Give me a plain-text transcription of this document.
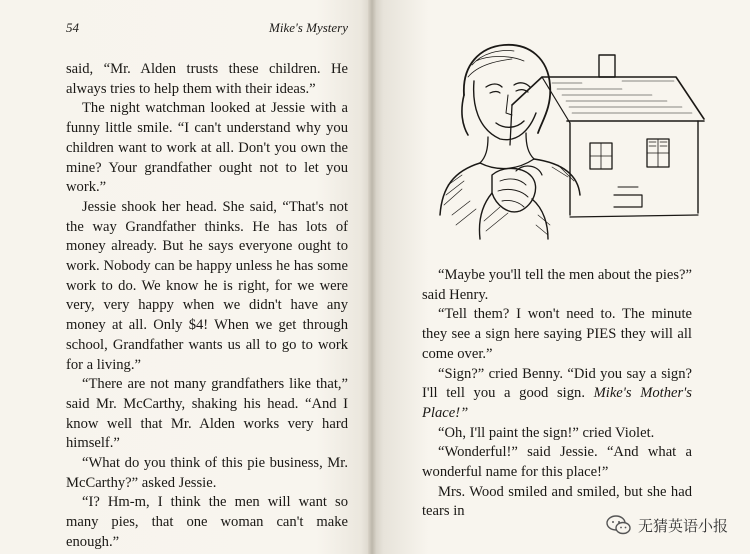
54	Mike's Mystery

said, “Mr. Alden trusts these children. He always tries to help them with their ideas.”

The night watchman looked at Jessie with a funny little smile. “I can't understand why you children want to work at all. Don't you own the mine? Your grandfather ought not to let you work.”

Jessie shook her head. She said, “That's not the way Grandfather thinks. He has lots of money already. But he says everyone ought to work. Nobody can be happy unless he has some work to do. We know he is right, for we were very, very happy when we didn't have any money at all. Only $4! When we get through school, Grandfather wants us all to go to work for a living.”

“There are not many grandfathers like that,” said Mr. McCarthy, shaking his head. “And I know well that Mr. Alden works very hard himself.”

“What do you think of this pie business, Mr. McCarthy?” asked Jessie.

“I? Hm-m, I think the men will want so many pies, that one woman can't make enough.”

“Maybe you'll tell the men about the pies?” said Henry.

“Tell them? I won't need to. The minute they see a sign here saying PIES they will all come over.”

“Sign?” cried Benny. “Did you say a sign? I'll tell you a good sign. Mike's Mother's Place!”

“Oh, I'll paint the sign!” cried Violet.

“Wonderful!” said Jessie. “And what a wonderful name for this place!”

Mrs. Wood smiled and smiled, but she had tears in

无猜英语小报
